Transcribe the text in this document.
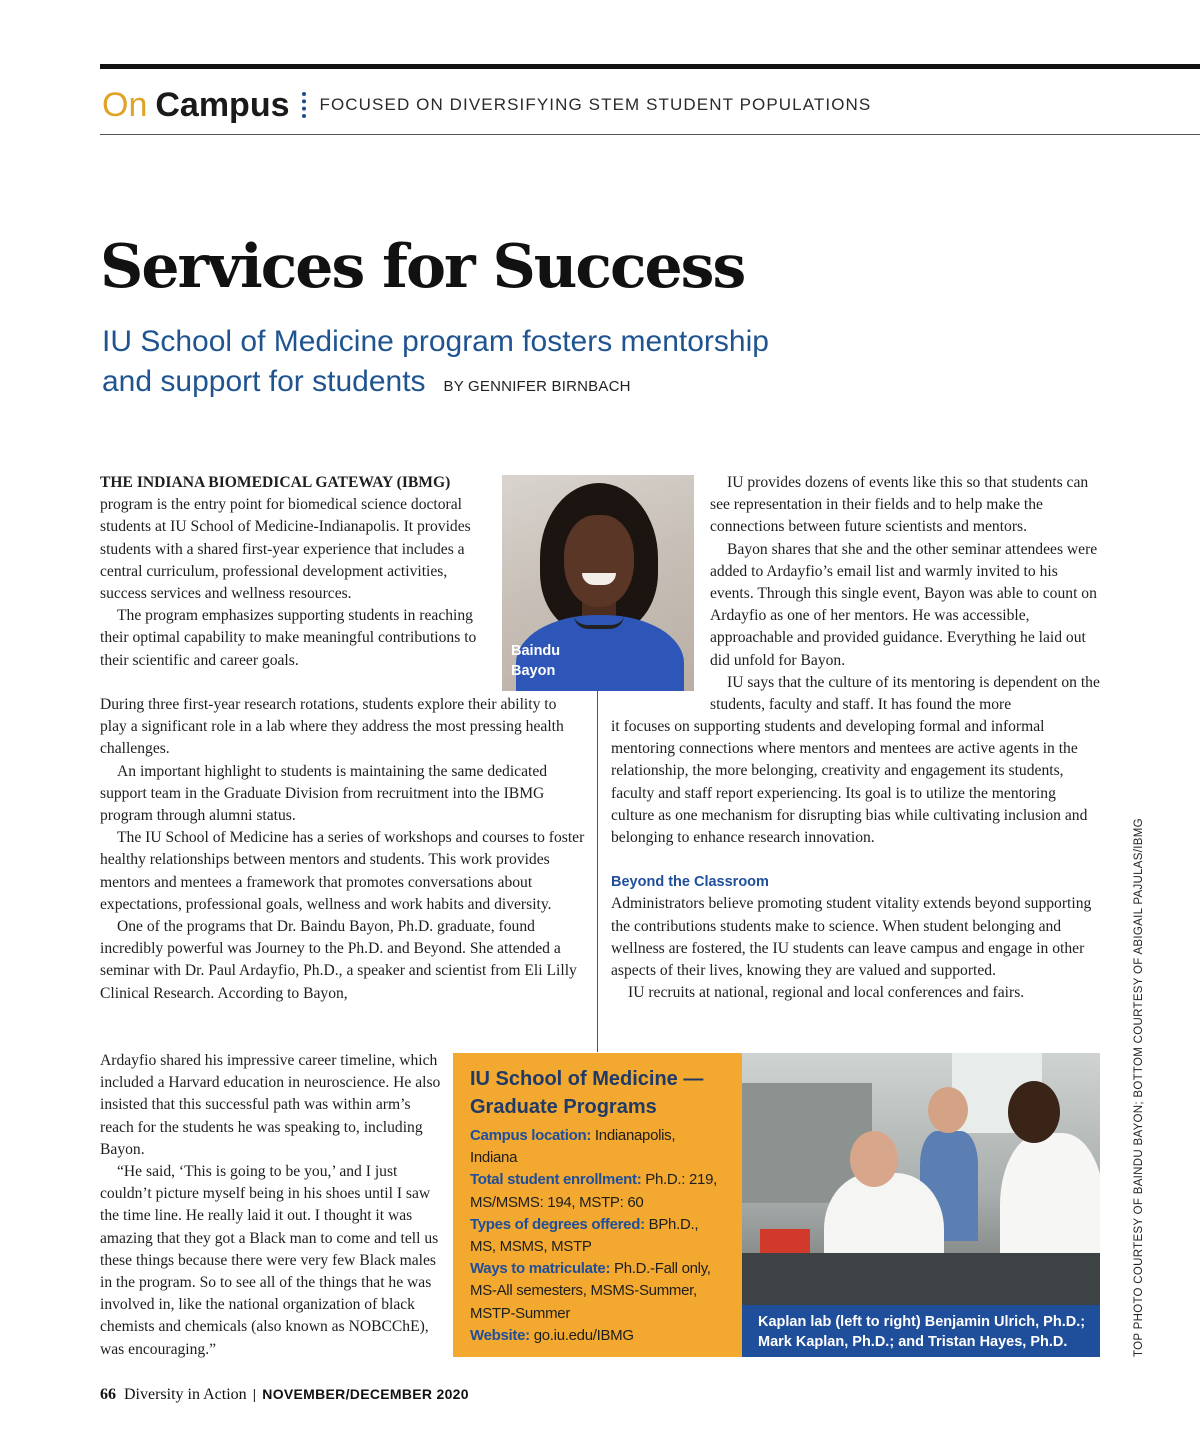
On Campus FOCUSED ON DIVERSIFYING STEM STUDENT POPULATIONS
Services for Success
IU School of Medicine program fosters mentorship
and support for students BY GENNIFER BIRNBACH

THE INDIANA BIOMEDICAL GATEWAY (IBMG)
program is the entry point for biomedical science doctoral students at IU School of Medicine-Indianapolis. It provides students with a shared first-year experience that includes a central curriculum, professional development activities, success services and wellness resources.

The program emphasizes supporting students in reaching their optimal capability to make meaningful contributions to their scientific and career goals.

During three first-year research rotations, students explore their ability to play a significant role in a lab where they address the most pressing health challenges.

An important highlight to students is maintaining the same dedicated support team in the Graduate Division from recruitment into the IBMG program through alumni status.

The IU School of Medicine has a series of workshops and courses to foster healthy relationships between mentors and students. This work provides mentors and mentees a framework that promotes conversations about expectations, professional goals, wellness and work habits and diversity.

One of the programs that Dr. Baindu Bayon, Ph.D. graduate, found incredibly powerful was Journey to the Ph.D. and Beyond. She attended a seminar with Dr. Paul Ardayfio, Ph.D., a speaker and scientist from Eli Lilly Clinical Research. According to Bayon,

Ardayfio shared his impressive career timeline, which included a Harvard education in neuroscience. He also insisted that this successful path was within arm’s reach for the students he was speaking to, including Bayon.

“He said, ‘This is going to be you,’ and I just couldn’t picture myself being in his shoes until I saw the time line. He really laid it out. I thought it was amazing that they got a Black man to come and tell us these things because there were very few Black males in the program. So to see all of the things that he was involved in, like the national organization of black chemists and chemicals (also known as NOBCChE), was encouraging.”

Baindu
Bayon

IU provides dozens of events like this so that students can see representation in their fields and to help make the connections between future scientists and mentors.

Bayon shares that she and the other seminar attendees were added to Ardayfio’s email list and warmly invited to his events. Through this single event, Bayon was able to count on Ardayfio as one of her mentors. He was accessible, approachable and provided guidance. Everything he laid out did unfold for Bayon.

IU says that the culture of its mentoring is dependent on the students, faculty and staff. It has found the more

it focuses on supporting students and developing formal and informal mentoring connections where mentors and mentees are active agents in the relationship, the more belonging, creativity and engagement its students, faculty and staff report experiencing. Its goal is to utilize the mentoring culture as one mechanism for disrupting bias while cultivating inclusion and belonging to enhance research innovation.

Beyond the Classroom

Administrators believe promoting student vitality extends beyond supporting the contributions students make to science. When student belonging and wellness are fostered, the IU students can leave campus and engage in other aspects of their lives, knowing they are valued and supported.

IU recruits at national, regional and local conferences and fairs.

IU School of Medicine — Graduate Programs
Campus location: Indianapolis, Indiana
Total student enrollment: Ph.D.: 219, MS/MSMS: 194, MSTP: 60
Types of degrees offered: BPh.D., MS, MSMS, MSTP
Ways to matriculate: Ph.D.-Fall only, MS-All semesters, MSMS-Summer, MSTP-Summer
Website: go.iu.edu/IBMG
Kaplan lab (left to right) Benjamin Ulrich, Ph.D.; Mark Kaplan, Ph.D.; and Tristan Hayes, Ph.D.	TOP PHOTO COURTESY OF BAINDU BAYON; BOTTOM COURTESY OF ABIGAIL PAJULAS/IBMG
66 Diversity in Action | NOVEMBER/DECEMBER 2020
